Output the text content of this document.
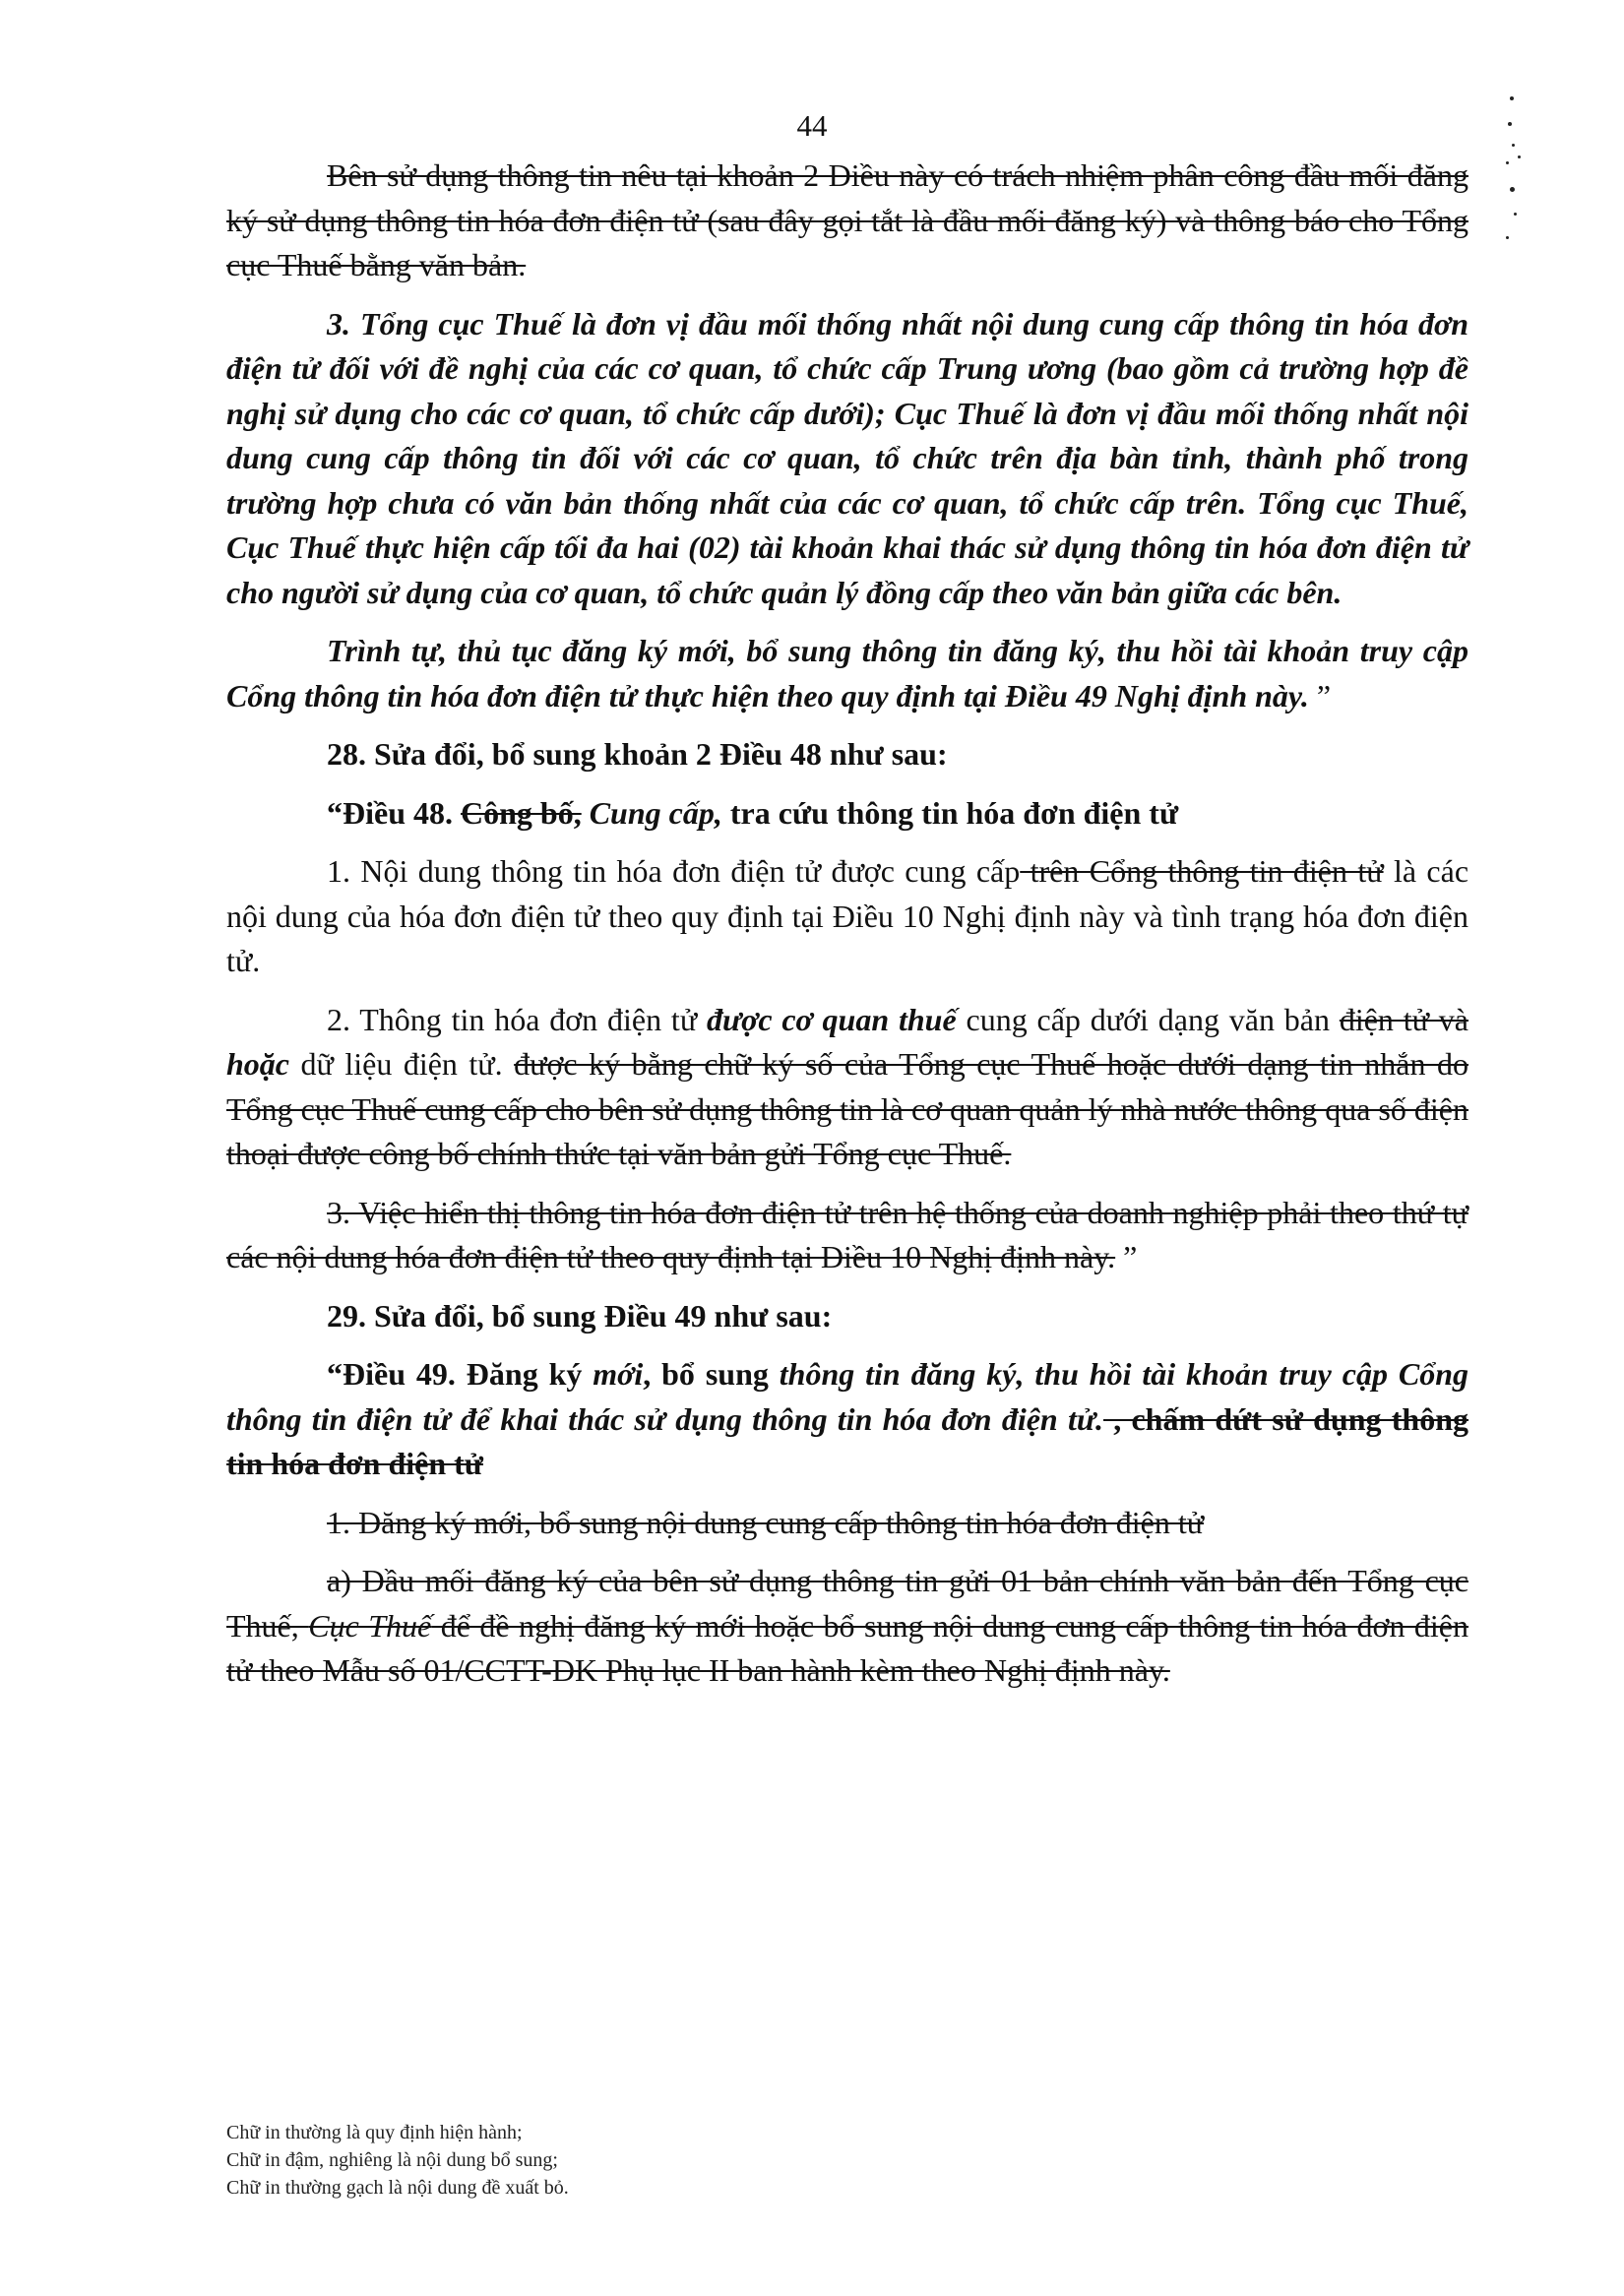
44

Bên sử dụng thông tin nêu tại khoản 2 Điều này có trách nhiệm phân công đầu mối đăng ký sử dụng thông tin hóa đơn điện tử (sau đây gọi tắt là đầu mối đăng ký) và thông báo cho Tổng cục Thuế bằng văn bản.

3. Tổng cục Thuế là đơn vị đầu mối thống nhất nội dung cung cấp thông tin hóa đơn điện tử đối với đề nghị của các cơ quan, tổ chức cấp Trung ương (bao gồm cả trường hợp đề nghị sử dụng cho các cơ quan, tổ chức cấp dưới); Cục Thuế là đơn vị đầu mối thống nhất nội dung cung cấp thông tin đối với các cơ quan, tổ chức trên địa bàn tỉnh, thành phố trong trường hợp chưa có văn bản thống nhất của các cơ quan, tổ chức cấp trên. Tổng cục Thuế, Cục Thuế thực hiện cấp tối đa hai (02) tài khoản khai thác sử dụng thông tin hóa đơn điện tử cho người sử dụng của cơ quan, tổ chức quản lý đồng cấp theo văn bản giữa các bên.

Trình tự, thủ tục đăng ký mới, bổ sung thông tin đăng ký, thu hồi tài khoản truy cập Cổng thông tin hóa đơn điện tử thực hiện theo quy định tại Điều 49 Nghị định này. ”

28. Sửa đổi, bổ sung khoản 2 Điều 48 như sau:

“Điều 48. Công bố, Cung cấp, tra cứu thông tin hóa đơn điện tử

1. Nội dung thông tin hóa đơn điện tử được cung cấp trên Cổng thông tin điện tử là các nội dung của hóa đơn điện tử theo quy định tại Điều 10 Nghị định này và tình trạng hóa đơn điện tử.

2. Thông tin hóa đơn điện tử được cơ quan thuế cung cấp dưới dạng văn bản điện tử và hoặc dữ liệu điện tử. được ký bằng chữ ký số của Tổng cục Thuế hoặc dưới dạng tin nhắn do Tổng cục Thuế cung cấp cho bên sử dụng thông tin là cơ quan quản lý nhà nước thông qua số điện thoại được công bố chính thức tại văn bản gửi Tổng cục Thuế.

3. Việc hiển thị thông tin hóa đơn điện tử trên hệ thống của doanh nghiệp phải theo thứ tự các nội dung hóa đơn điện tử theo quy định tại Điều 10 Nghị định này. ”

29. Sửa đổi, bổ sung Điều 49 như sau:

“Điều 49. Đăng ký mới, bổ sung thông tin đăng ký, thu hồi tài khoản truy cập Cổng thông tin điện tử để khai thác sử dụng thông tin hóa đơn điện tử. , chấm dứt sử dụng thông tin hóa đơn điện tử

1. Đăng ký mới, bổ sung nội dung cung cấp thông tin hóa đơn điện tử

a) Đầu mối đăng ký của bên sử dụng thông tin gửi 01 bản chính văn bản đến Tổng cục Thuế, Cục Thuế để đề nghị đăng ký mới hoặc bổ sung nội dung cung cấp thông tin hóa đơn điện tử theo Mẫu số 01/CCTT-ĐK Phụ lục II ban hành kèm theo Nghị định này.

Chữ in thường là quy định hiện hành;
Chữ in đậm, nghiêng là nội dung bổ sung;
Chữ in thường gạch là nội dung đề xuất bỏ.
